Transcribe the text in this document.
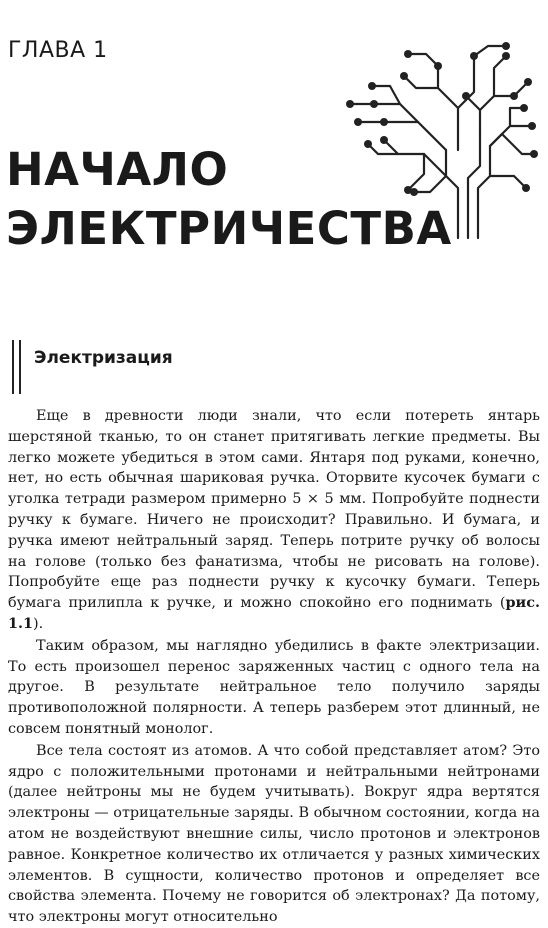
ГЛАВА 1
НАЧАЛО
ЭЛЕКТРИЧЕСТВА
Электризация

Еще в древности люди знали, что если потереть янтарь шерстяной тканью, то он станет притягивать легкие предметы. Вы легко можете убедиться в этом сами. Янтаря под руками, конечно, нет, но есть обычная шариковая ручка. Оторвите кусочек бумаги с уголка тетради размером примерно 5 × 5 мм. Попробуйте поднести ручку к бумаге. Ничего не происходит? Правильно. И бумага, и ручка имеют нейтральный заряд. Теперь потрите ручку об волосы на голове (только без фанатизма, чтобы не рисовать на голове). Попробуйте еще раз поднести ручку к кусочку бумаги. Теперь бумага прилипла к ручке, и можно спокойно его поднимать (рис. 1.1).

Таким образом, мы наглядно убедились в факте электризации. То есть произошел перенос заряженных частиц с одного тела на другое. В результате нейтральное тело получило заряды противоположной полярности. А теперь разберем этот длинный, не совсем понятный монолог.

Все тела состоят из атомов. А что собой представляет атом? Это ядро с положительными протонами и нейтральными нейтронами (далее нейтроны мы не будем учитывать). Вокруг ядра вертятся электроны — отрицательные заряды. В обычном состоянии, когда на атом не воздействуют внешние силы, число протонов и электронов равное. Конкретное количество их отличается у разных химических элементов. В сущности, количество протонов и определяет все свойства элемента. Почему не говорится об электронах? Да потому, что электроны могут относительно
